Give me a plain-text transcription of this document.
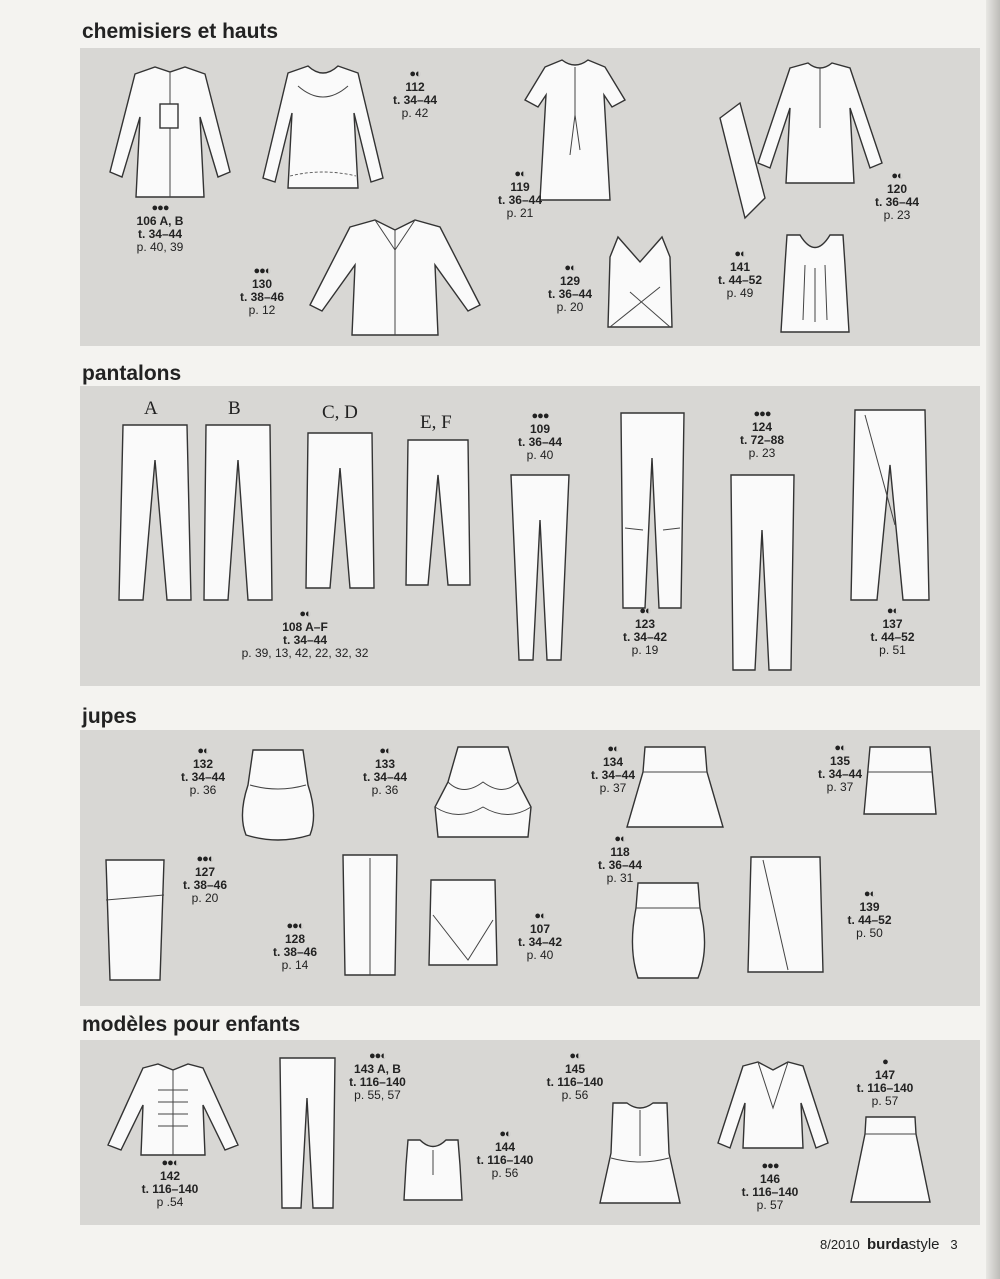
chemisiers et hauts
●●●
106 A, B
t. 34–44
p. 40, 39
●◐
112
t. 34–44
p. 42
●◐
119
t. 36–44
p. 21
●◐
120
t. 36–44
p. 23
●●◐
130
t. 38–46
p. 12
●◐
129
t. 36–44
p. 20
●◐
141
t. 44–52
p. 49
pantalons
A	B	C, D	E, F
●◐
108 A–F
t. 34–44
p. 39, 13, 42, 22, 32, 32
●●●
109
t. 36–44
p. 40
●◐
123
t. 34–42
p. 19
●●●
124
t. 72–88
p. 23
●◐
137
t. 44–52
p. 51
jupes
●◐
132
t. 34–44
p. 36
●◐
133
t. 34–44
p. 36
●◐
134
t. 34–44
p. 37
●◐
135
t. 34–44
p. 37
●●◐
127
t. 38–46
p. 20
●●◐
128
t. 38–46
p. 14
●◐
107
t. 34–42
p. 40
●◐
118
t. 36–44
p. 31
●◐
139
t. 44–52
p. 50
modèles pour enfants
●●◐
142
t. 116–140
p .54
●●◐
143 A, B
t. 116–140
p. 55, 57
●◐
144
t. 116–140
p. 56
●◐
145
t. 116–140
p. 56
●●●
146
t. 116–140
p. 57
●
147
t. 116–140
p. 57
8/2010 burdastyle 3
